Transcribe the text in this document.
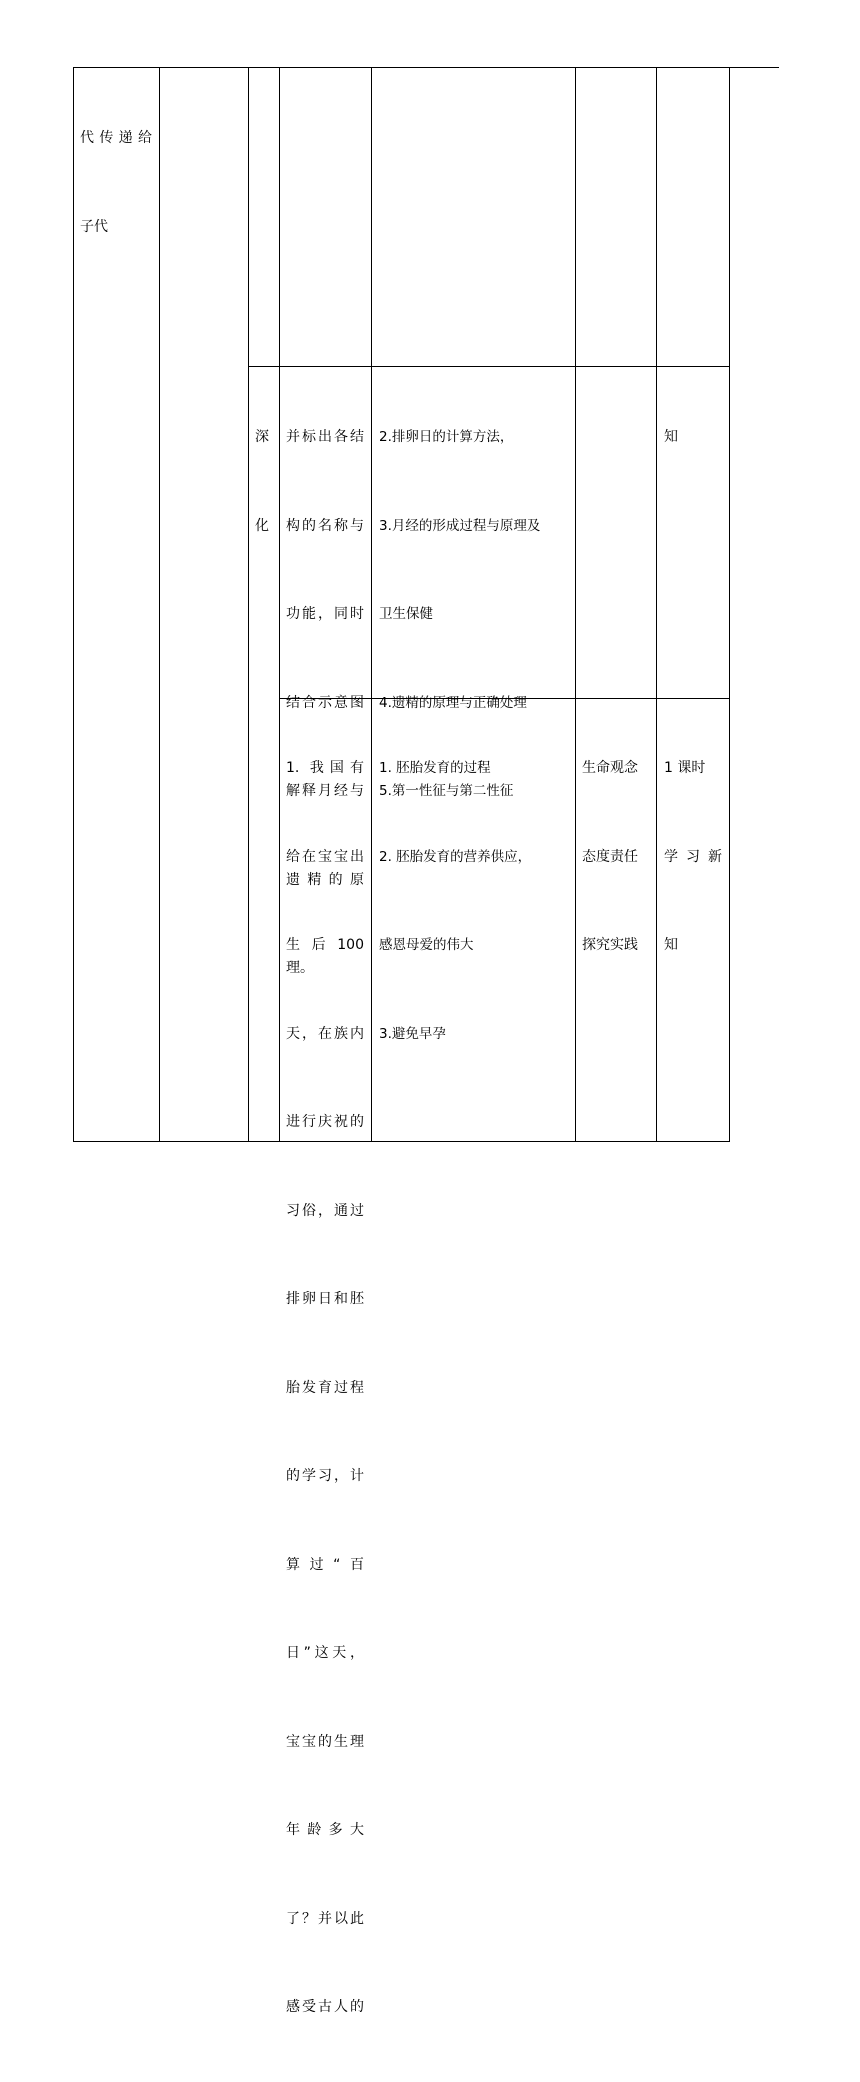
代传递给

子代

深

化

并标出各结

构的名称与

功能，同时

结合示意图

解释月经与

遗精的原

理。

2.排卵日的计算方法，

3.月经的形成过程与原理及

卫生保健

4.遗精的原理与正确处理

5.第一性征与第二性征

知

1. 我国有

给在宝宝出

生 后 100

天，在族内

进行庆祝的

习俗，通过

排卵日和胚

胎发育过程

的学习，计

算过“百

日”这天，

宝宝的生理

年龄多大

了？并以此

感受古人的

1. 胚胎发育的过程

2. 胚胎发育的营养供应，

感恩母爱的伟大

3.避免早孕

生命观念

态度责任

探究实践

1 课时

学习新

知
